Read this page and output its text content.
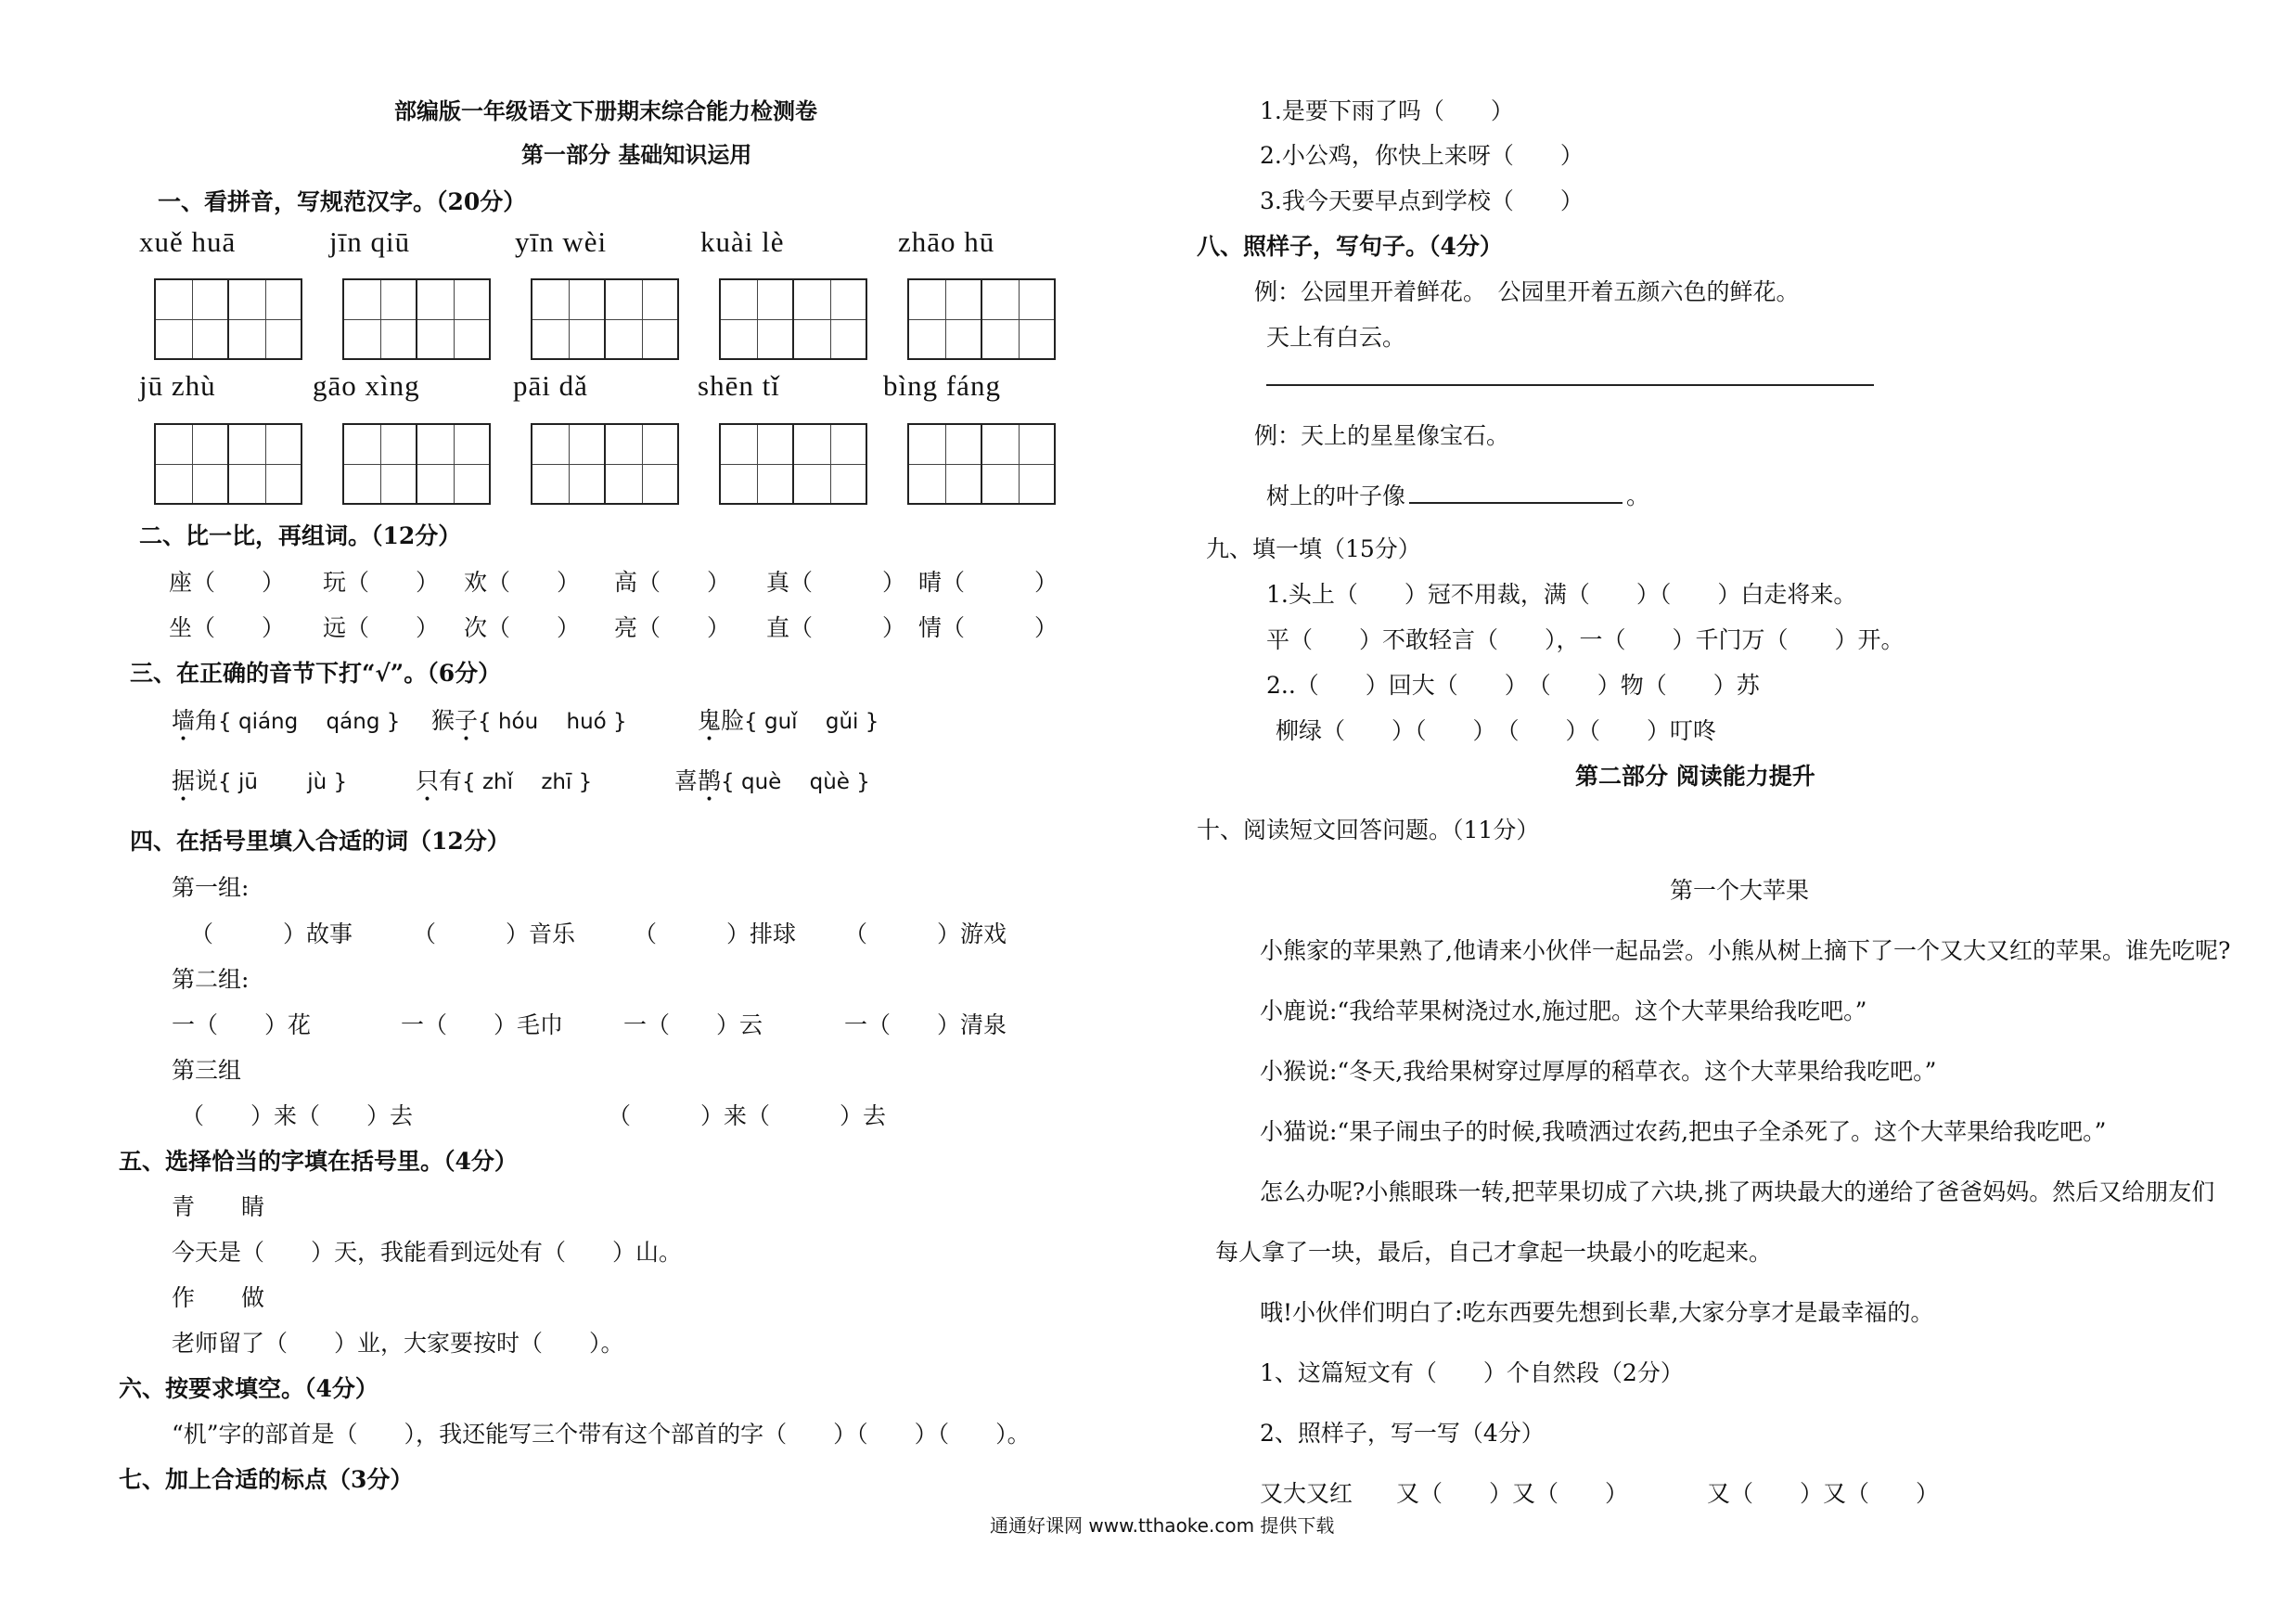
部编版一年级语文下册期末综合能力检测卷
第一部分 基础知识运用
一、看拼音，写规范汉字。（20分）
xuě huā	jīn qiū	yīn wèi	kuài lè	zhāo hū
jū zhù	gāo xìng	pāi dǎ	shēn tǐ	bìng fáng
二、比一比，再组词。（12分）
座（　　） 玩（　　） 欢（　　） 高（　　） 真（　　　） 晴（　　　）
坐（　　） 远（　　） 次（　　） 亮（　　） 直（　　　） 情（　　　）
三、在正确的音节下打“√”。（6分）
墙角{ qiáng　 qáng } 猴子{ hóu　 huó }	鬼脸{ guǐ　 gǔi }
据说{ jū　　 jù }	只有{ zhǐ　 zhī }	喜鹊{ què　 qùè }
四、在括号里填入合适的词（12分）
第一组:
（　　　）故事	（　　　）音乐	（　　　）排球 （　　　）游戏
第二组:
一（　　）花	一（　　）毛巾	一（　　）云	一（　　）清泉
第三组
（　　）来（　　）去	（　　　）来（　　　）去
五、选择恰当的字填在括号里。（4分）
青　　睛
今天是（　　）天，我能看到远处有（　　）山。
作　　做
老师留了（　　）业，大家要按时（　　）。
六、按要求填空。（4分）
“机”字的部首是（　　），我还能写三个带有这个部首的字（　　）（　　）（　　）。
七、加上合适的标点（3分）
1.是要下雨了吗（　　）
2.小公鸡，你快上来呀（　　）
3.我今天要早点到学校（　　）
八、照样子，写句子。（4分）
例：公园里开着鲜花。　公园里开着五颜六色的鲜花。
天上有白云。
例：天上的星星像宝石。
树上的叶子像	。
九、填一填（15分）
1.头上（　　）冠不用裁，满（　　）（　　）白走将来。
平（　　）不敢轻言（　　），一（　　）千门万（　　）开。
2..（　　）回大（　　）　（　　）物（　　）苏
柳绿（　　）（　　）　（　　）（　　）叮咚
第二部分 阅读能力提升
十、阅读短文回答问题。（11分）
第一个大苹果
小熊家的苹果熟了,他请来小伙伴一起品尝。小熊从树上摘下了一个又大又红的苹果。谁先吃呢?
小鹿说:“我给苹果树浇过水,施过肥。这个大苹果给我吃吧。”
小猴说:“冬天,我给果树穿过厚厚的稻草衣。这个大苹果给我吃吧。”
小猫说:“果子闹虫子的时候,我喷洒过农药,把虫子全杀死了。这个大苹果给我吃吧。”
怎么办呢?小熊眼珠一转,把苹果切成了六块,挑了两块最大的递给了爸爸妈妈。然后又给朋友们
每人拿了一块，最后，自己才拿起一块最小的吃起来。
哦!小伙伴们明白了:吃东西要先想到长辈,大家分享才是最幸福的。
1、这篇短文有（　　）个自然段（2分）
2、照样子，写一写（4分）
又大又红 又（　　）又（　　）	又（　　）又（　　）
通通好课网 www.tthaoke.com 提供下载
